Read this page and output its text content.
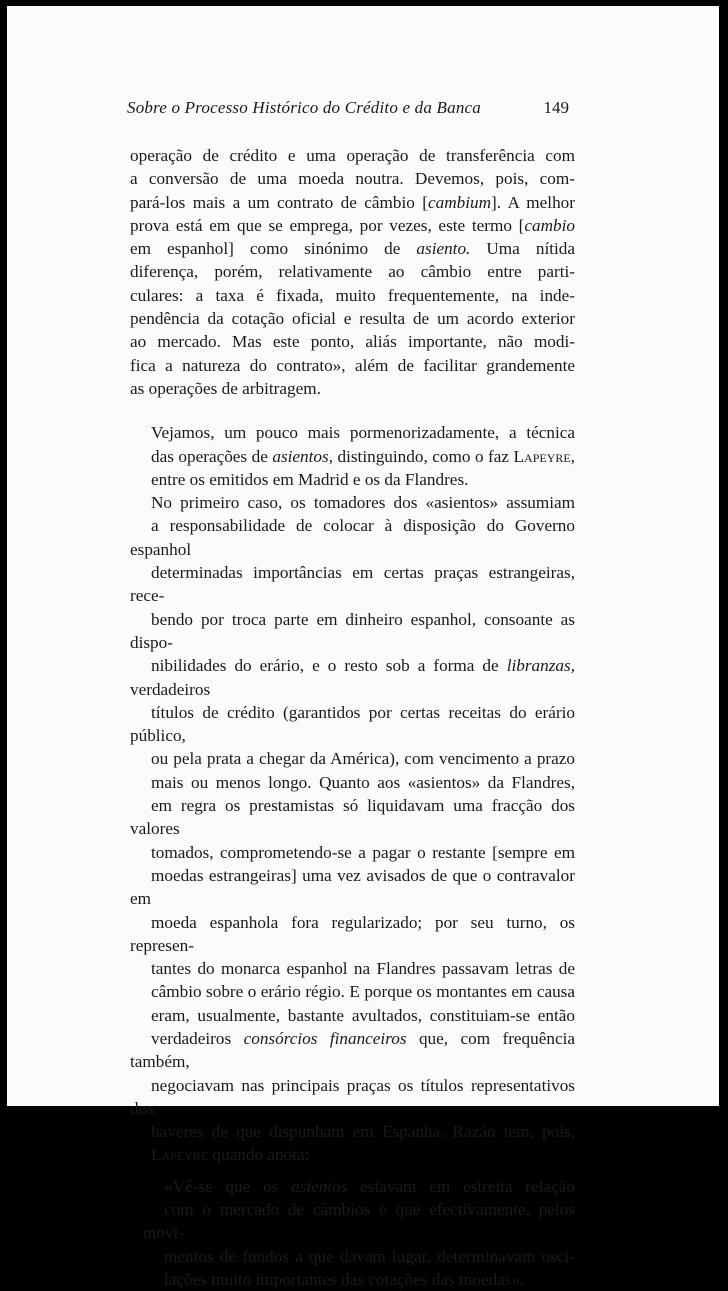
Sobre o Processo Histórico do Crédito e da Banca	149

operação de crédito e uma operação de transferência com
a conversão de uma moeda noutra. Devemos, pois, com-
pará-los mais a um contrato de câmbio [cambium]. A melhor
prova está em que se emprega, por vezes, este termo [cambio
em espanhol] como sinónimo de asiento. Uma nítida
diferença, porém, relativamente ao câmbio entre parti-
culares: a taxa é fixada, muito frequentemente, na inde-
pendência da cotação oficial e resulta de um acordo exterior
ao mercado. Mas este ponto, aliás importante, não modi-
fica a natureza do contrato», além de facilitar grandemente
as operações de arbitragem.

Vejamos, um pouco mais pormenorizadamente, a técnica
das operações de asientos, distinguindo, como o faz Lapeyre,
entre os emitidos em Madrid e os da Flandres.

No primeiro caso, os tomadores dos «asientos» assumiam
a responsabilidade de colocar à disposição do Governo espanhol
determinadas importâncias em certas praças estrangeiras, rece-
bendo por troca parte em dinheiro espanhol, consoante as dispo-
nibilidades do erário, e o resto sob a forma de libranzas, verdadeiros
títulos de crédito (garantidos por certas receitas do erário público,
ou pela prata a chegar da América), com vencimento a prazo
mais ou menos longo. Quanto aos «asientos» da Flandres,
em regra os prestamistas só liquidavam uma fracção dos valores
tomados, comprometendo-se a pagar o restante [sempre em
moedas estrangeiras] uma vez avisados de que o contravalor em
moeda espanhola fora regularizado; por seu turno, os represen-
tantes do monarca espanhol na Flandres passavam letras de
câmbio sobre o erário régio. E porque os montantes em causa
eram, usualmente, bastante avultados, constituiam-se então
verdadeiros consórcios financeiros que, com frequência também,
negociavam nas principais praças os títulos representativos dos
haveres de que dispunham em Espanha. Razão tem, pois,
Lapeyre quando anota:

«Vê-se que os asientos estavam em estreita relação
com o mercado de câmbios e que efectivamente, pelos movi-
mentos de fundos a que davam lugar, determinavam osci-
lações muito importantes das cotações das moedas».
